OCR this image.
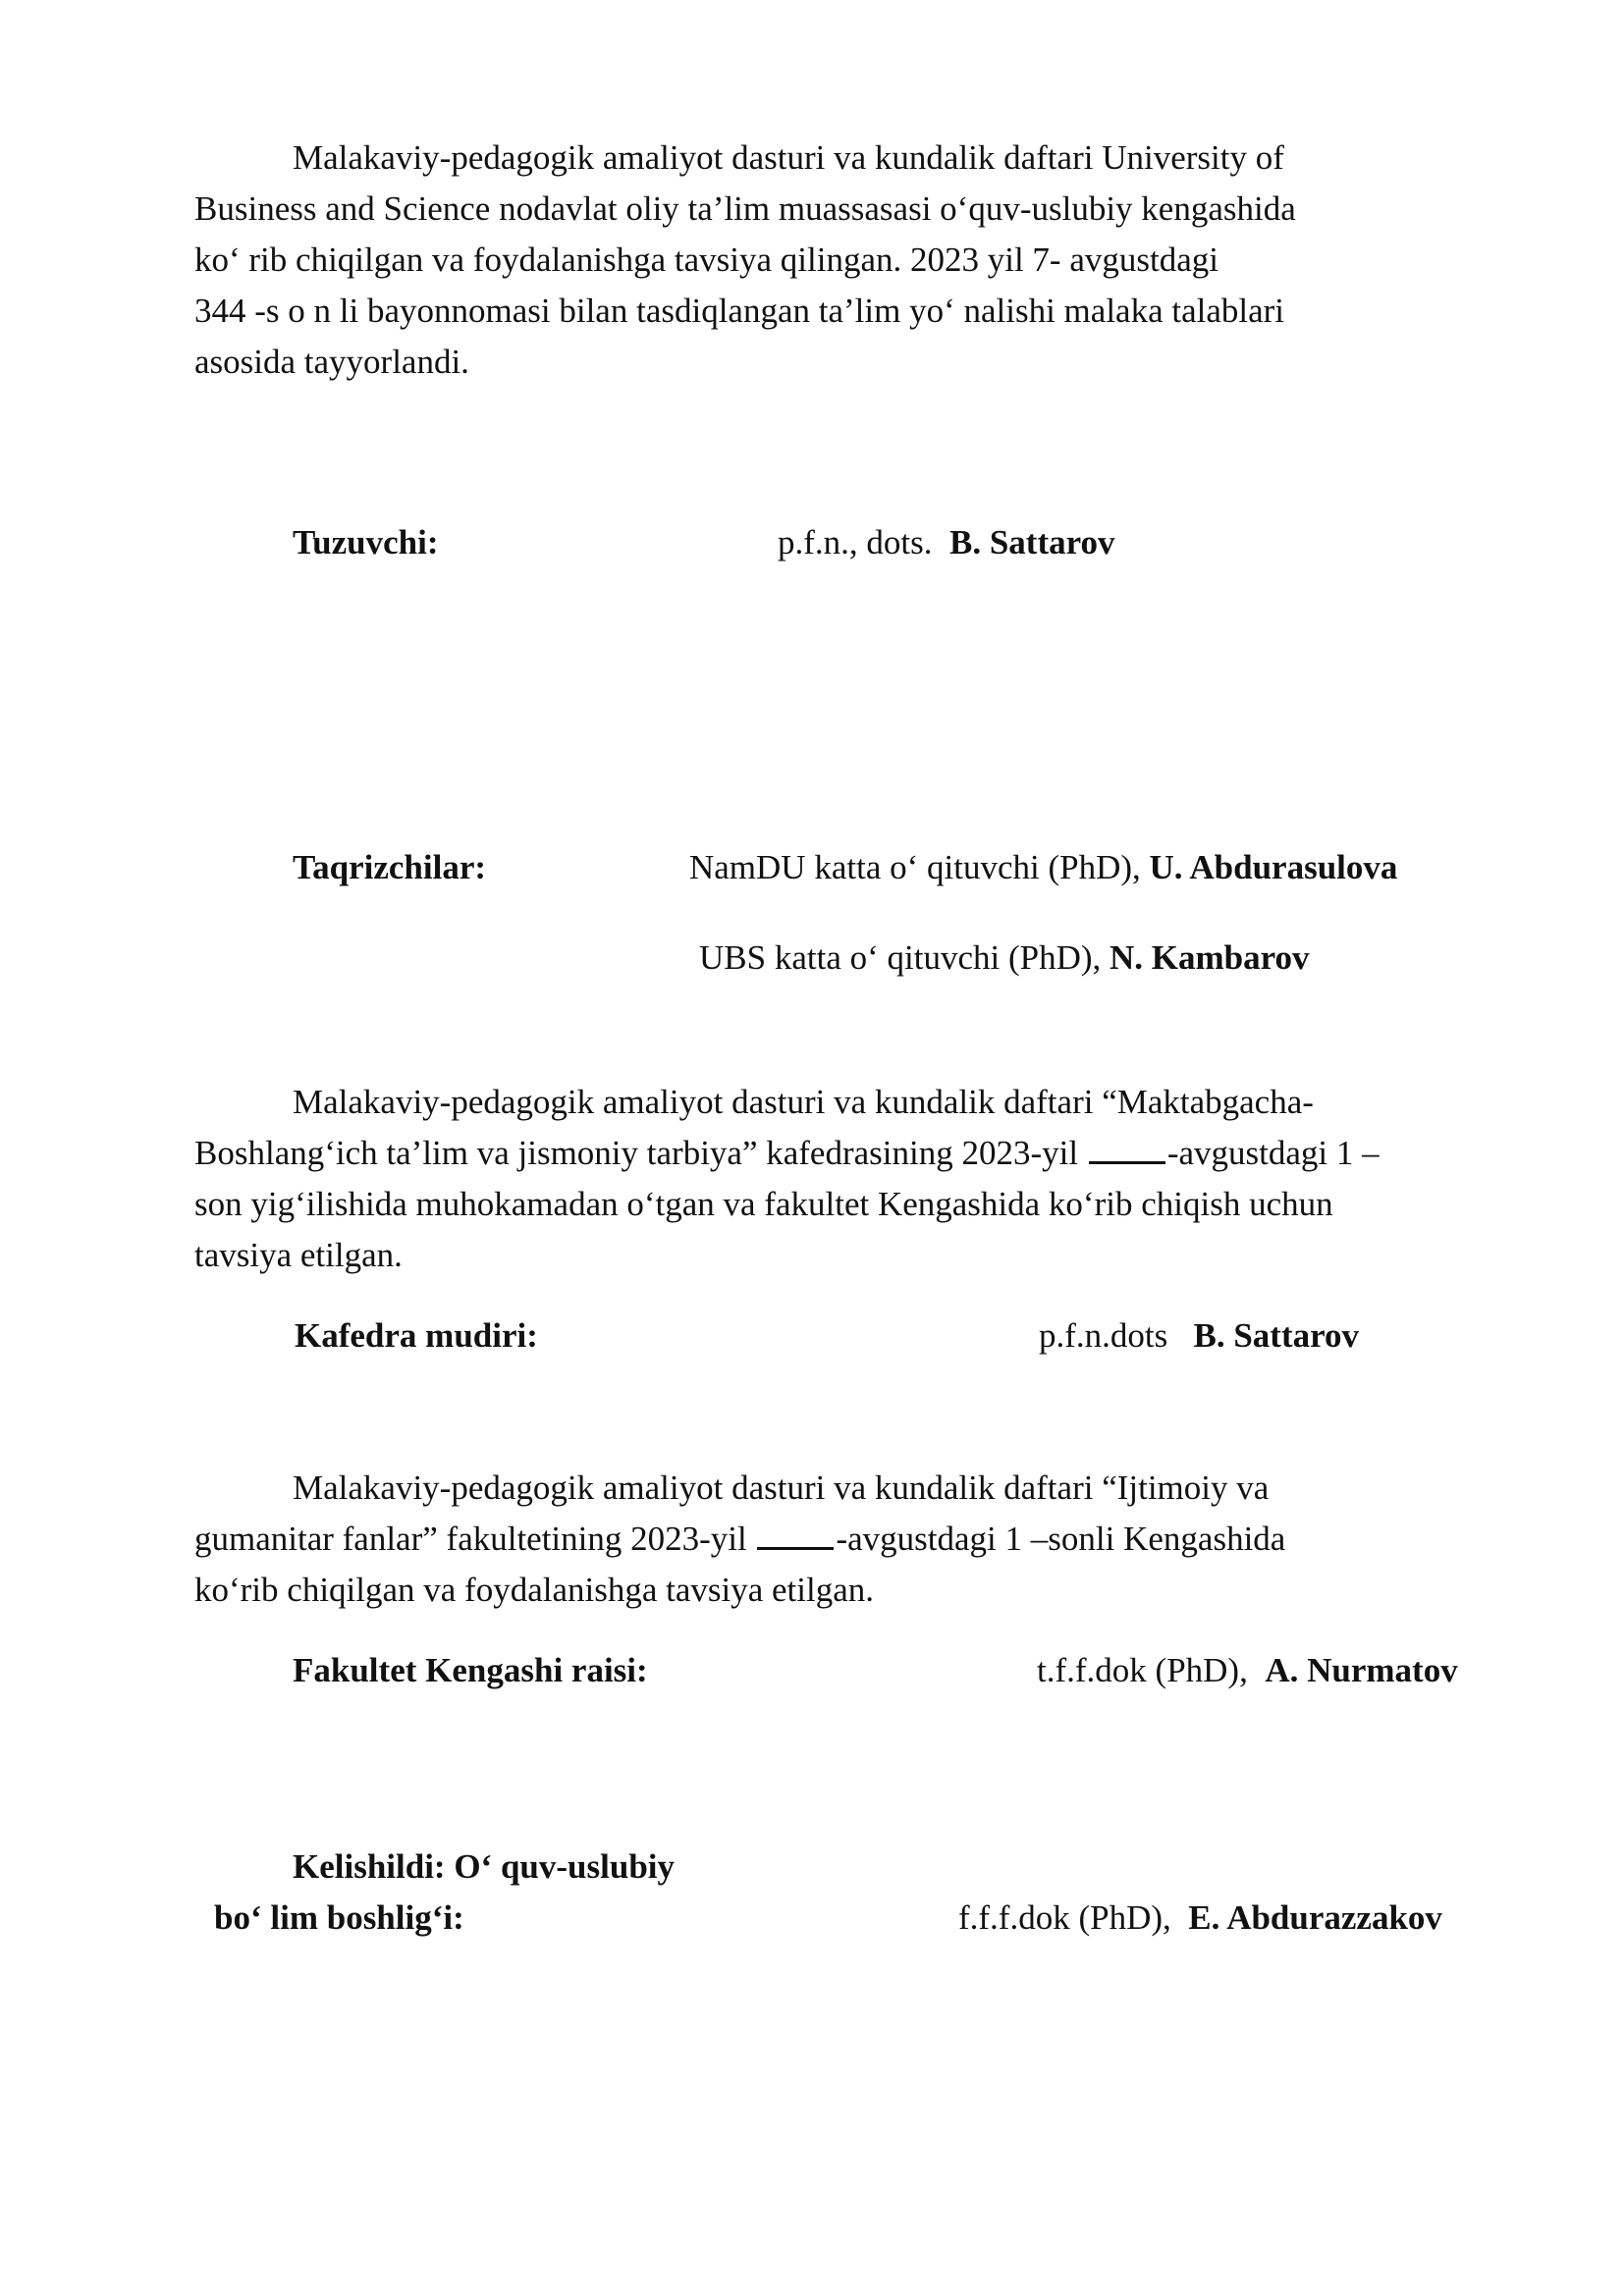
Malakaviy-pedagogik amaliyot dasturi va kundalik daftari University of
Business and Science nodavlat oliy ta’lim muassasasi o‘quv-uslubiy kengashida
ko‘ rib chiqilgan va foydalanishga tavsiya qilingan. 2023 yil 7- avgustdagi
344 -s o n li bayonnomasi bilan tasdiqlangan ta’lim yo‘ nalishi malaka talablari
asosida tayyorlandi.
Tuzuvchi:	p.f.n., dots. B. Sattarov
Taqrizchilar:	NamDU katta o‘ qituvchi (PhD), U. Abdurasulova
UBS katta o‘ qituvchi (PhD), N. Kambarov
Malakaviy-pedagogik amaliyot dasturi va kundalik daftari “Maktabgacha-
Boshlang‘ich ta’lim va jismoniy tarbiya” kafedrasining 2023-yil -avgustdagi 1 –
son yig‘ilishida muhokamadan o‘tgan va fakultet Kengashida ko‘rib chiqish uchun
tavsiya etilgan.
Kafedra mudiri:	p.f.n.dots B. Sattarov
Malakaviy-pedagogik amaliyot dasturi va kundalik daftari “Ijtimoiy va
gumanitar fanlar” fakultetining 2023-yil -avgustdagi 1 –sonli Kengashida
ko‘rib chiqilgan va foydalanishga tavsiya etilgan.
Fakultet Kengashi raisi:	t.f.f.dok (PhD), A. Nurmatov
Kelishildi: O‘ quv-uslubiy
bo‘ lim boshlig‘i:	f.f.f.dok (PhD), E. Abdurazzakov
